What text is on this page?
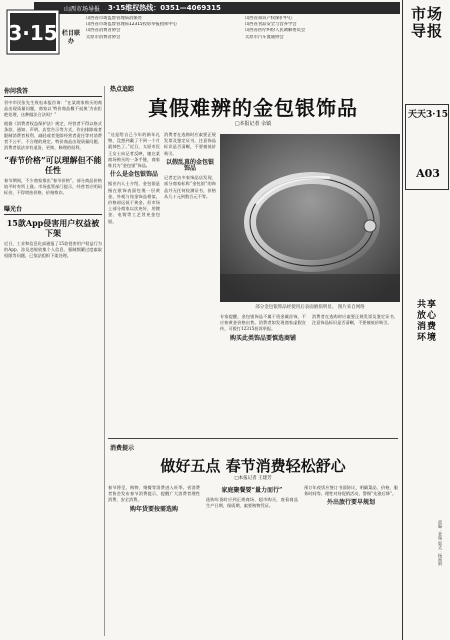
山西市场导报 3·15维权热线：0351—4069315
3·15 栏目联办
山西省市场监督管理局消保处	山西省知识产权保护中心
山西省市场监督管理局12315投诉举报指挥中心	山西省食品安全与营养学会
山西省消费者协会	山西省医疗纠纷人民调解委员会
太原市消费者协会	太原市汽车流通协会
你问我答

晋中市民张先生致电本报咨询：“在某商家购买的商品出现质量问题，商家以‘特价商品概不退换’为由拒绝处理，这种做法合法吗？”

根据《消费者权益保护法》规定，经营者不得以格式条款、通知、声明、店堂告示等方式，作出排除或者限制消费者权利、减轻或者免除经营者责任等对消费者不公平、不合理的规定。特价商品出现质量问题，消费者依法享有退货、更换、修理的权利。

“春节价格”可以理解但不能任性

春节期间，不少商家推出“春节价格”，部分商品价格较平时有所上涨。市场监管部门提示，经营者应明码标价，不得哄抬价格、价格欺诈。

曝光台
15款App侵害用户权益被下架

近日，工业和信息化部通报了15款侵害用户权益行为的App，涉及违规收集个人信息、强制频繁过度索取权限等问题，已依法组织下架处理。

热点追踪
真假难辨的金包银饰品
□本报记者 余镇

“这是给自己今年的新年礼物，没想到戴了不到一个月就掉色了。”近日，太原市民王女士向记者反映，她在某商场购买的一条手链，商家称其为“金包银”饰品。

什么是金包银饰品

据业内人士介绍，金包银是指在银饰表面包裹一层黄金，外观与纯金饰品相似，价格却远低于黄金。但市场上部分商家以次充好，用镀金、电铸等工艺冒充金包银。

消费者在选购时应索要正规发票及鉴定证书，注意饰品标识是否清晰，不要被低价吸引。

以假乱真的金包银饰品

记者走访多家饰品店发现，部分商家标称“金包银”的饰品并无任何检测证书，价格从几十元到数百元不等。

部分金包银饰品经使用后表面磨损明显。 图片来自网络

专家提醒，金包银饰品不属于贵金属首饰，不应按黄金价格出售。消费者如发现商家虚假宣传，可拨打12315投诉举报。

购买此类饰品要慎选商铺

消费者在选购时应索要正规发票及鉴定证书，注意饰品标识是否清晰，不要被低价吸引。

消费提示
做好五点 春节消费轻松舒心
□本报记者 王建芳

春节将至，购物、聚餐等消费进入旺季。省消费者协会发布春节消费提示，提醒广大消费者理性消费、安全消费。

购年货要按需选购
家庭聚餐要“量力而行”

选购年货时应到正规商场、超市购买，查看商品生产日期、保质期，索要购物凭证。

预订年夜饭应签订书面协议，明确菜品、价格、服务时间等。理性对待促销活动，警惕“先涨后降”。

外出旅行要早规划
市场导报
天天3·15
A03
共享放心消费环境
责编：姜瑞 版式：杨丽娟
